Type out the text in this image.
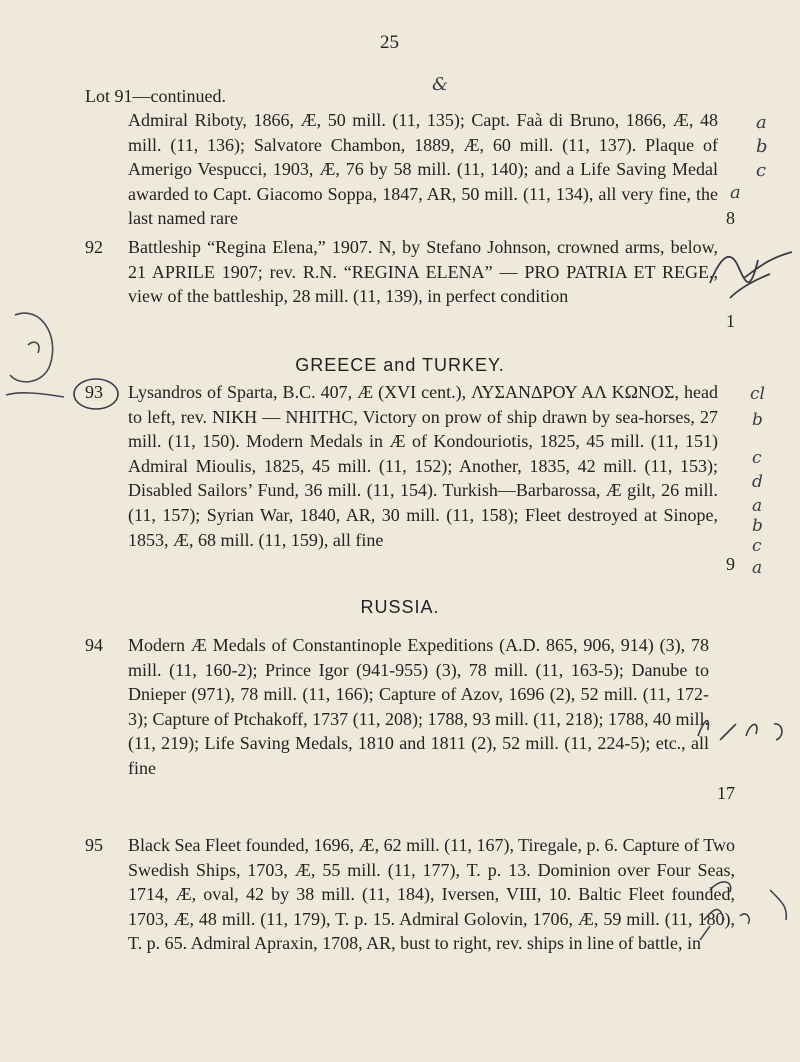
25
&
Lot 91—continued.
8
Admiral Riboty, 1866, Æ, 50 mill. (11, 135); Capt. Faà di Bruno, 1866, Æ, 48 mill. (11, 136); Salvatore Chambon, 1889, Æ, 60 mill. (11, 137). Plaque of Amerigo Vespucci, 1903, Æ, 76 by 58 mill. (11, 140); and a Life Saving Medal awarded to Capt. Giacomo Soppa, 1847, AR, 50 mill. (11, 134), all very fine, the last named rare
a
b
c
a
92
1
Battleship “Regina Elena,” 1907. N, by Stefano Johnson, crowned arms, below, 21 APRILE 1907; rev. R.N. “REGINA ELENA” — PRO PATRIA ET REGE., view of the battleship, 28 mill. (11, 139), in perfect condition
GREECE and TURKEY.
93
9
Lysandros of Sparta, B.C. 407, Æ (XVI cent.), ΛΥΣΑΝΔΡΟΥ ΑΛ ΚΩΝΟΣ, head to left, rev. NIKH — NHITHC, Victory on prow of ship drawn by sea-horses, 27 mill. (11, 150). Modern Medals in Æ of Kondouriotis, 1825, 45 mill. (11, 151) Admiral Mioulis, 1825, 45 mill. (11, 152); Another, 1835, 42 mill. (11, 153); Disabled Sailors’ Fund, 36 mill. (11, 154). Turkish—Barbarossa, Æ gilt, 26 mill. (11, 157); Syrian War, 1840, AR, 30 mill. (11, 158); Fleet destroyed at Sinope, 1853, Æ, 68 mill. (11, 159), all fine
cl
b
c
d
a
b
c
a
RUSSIA.
94
17
Modern Æ Medals of Constantinople Expeditions (A.D. 865, 906, 914) (3), 78 mill. (11, 160-2); Prince Igor (941-955) (3), 78 mill. (11, 163-5); Danube to Dnieper (971), 78 mill. (11, 166); Capture of Azov, 1696 (2), 52 mill. (11, 172-3); Capture of Ptchakoff, 1737 (11, 208); 1788, 93 mill. (11, 218); 1788, 40 mill. (11, 219); Life Saving Medals, 1810 and 1811 (2), 52 mill. (11, 224-5); etc., all fine
95 Black Sea Fleet founded, 1696, Æ, 62 mill. (11, 167), Tiregale, p. 6. Capture of Two Swedish Ships, 1703, Æ, 55 mill. (11, 177), T. p. 13. Dominion over Four Seas, 1714, Æ, oval, 42 by 38 mill. (11, 184), Iversen, VIII, 10. Baltic Fleet founded, 1703, Æ, 48 mill. (11, 179), T. p. 15. Admiral Golovin, 1706, Æ, 59 mill. (11, 180), T. p. 65. Admiral Apraxin, 1708, AR, bust to right, rev. ships in line of battle, in
